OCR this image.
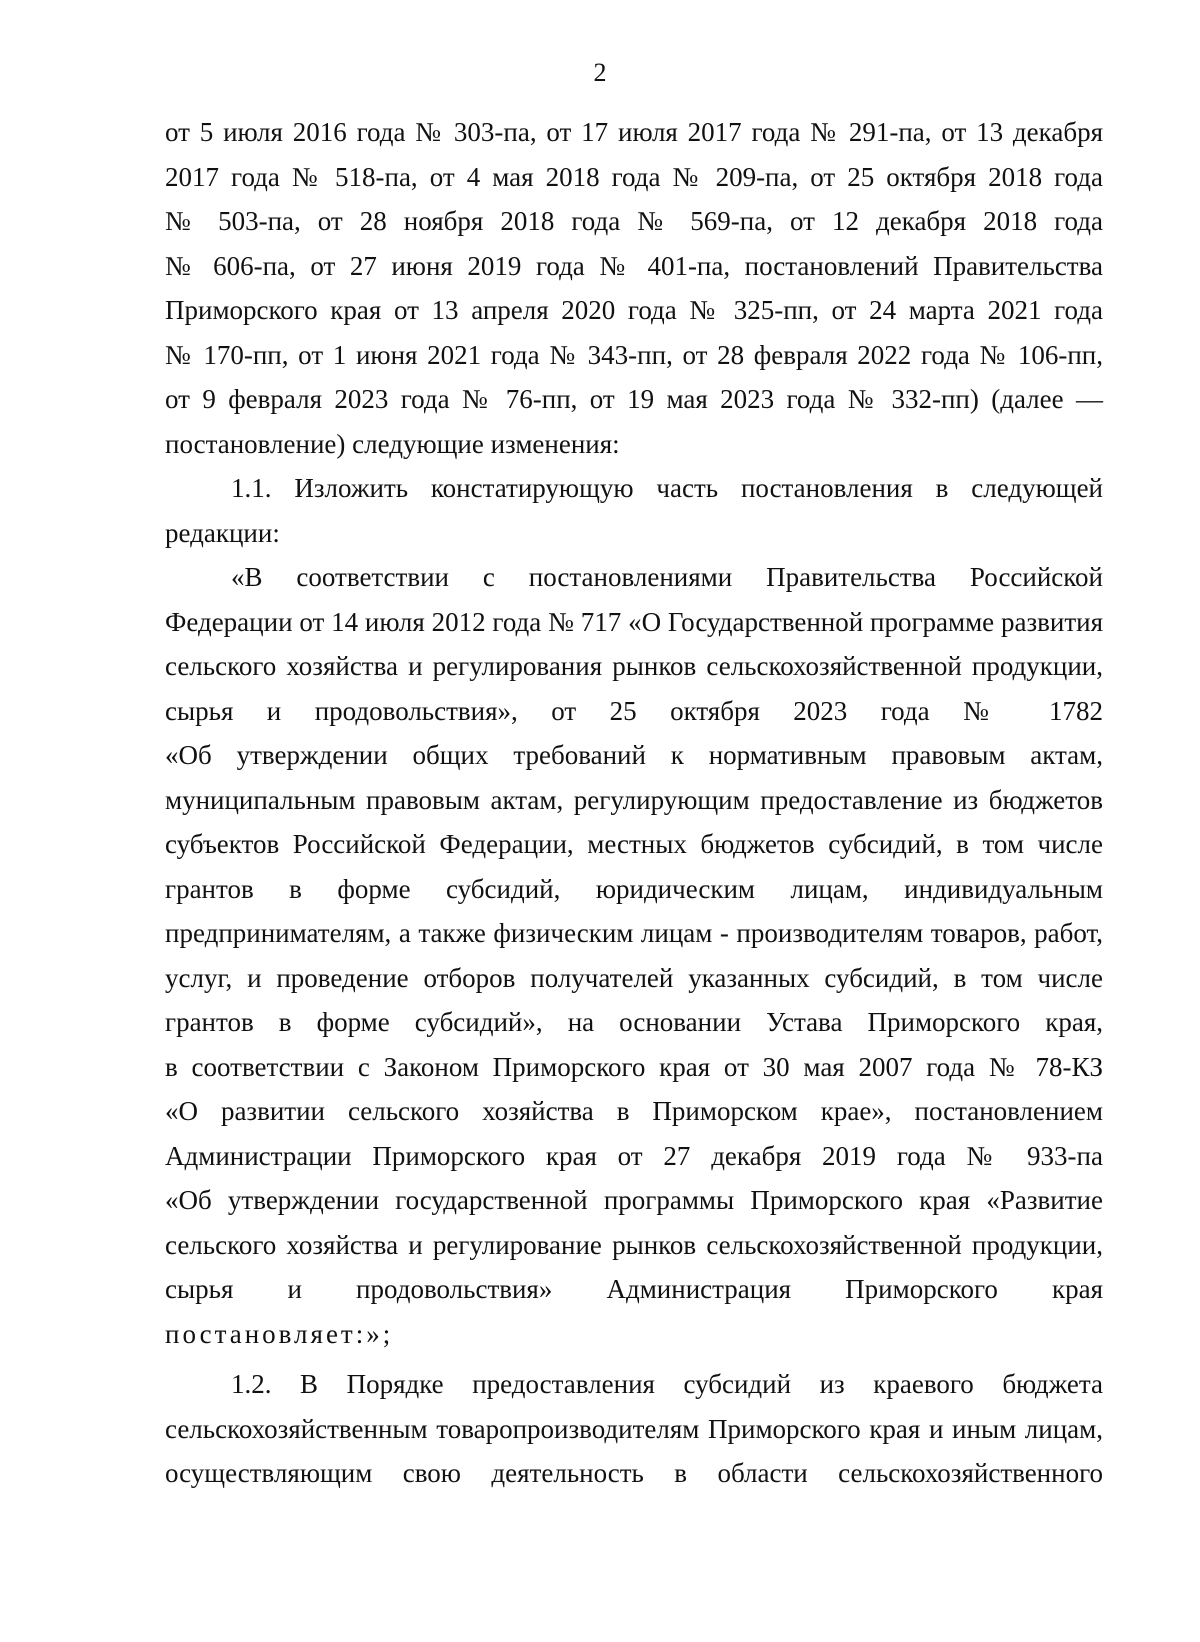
2
от 5 июля 2016 года № 303-па, от 17 июля 2017 года № 291-па, от 13 декабря
2017 года № 518-па, от 4 мая 2018 года № 209-па, от 25 октября 2018 года
№ 503-па, от 28 ноября 2018 года № 569-па, от 12 декабря 2018 года
№ 606-па, от 27 июня 2019 года № 401-па, постановлений Правительства
Приморского края от 13 апреля 2020 года № 325-пп, от 24 марта 2021 года
№ 170-пп, от 1 июня 2021 года № 343-пп, от 28 февраля 2022 года № 106-пп,
от 9 февраля 2023 года № 76-пп, от 19 мая 2023 года № 332-пп) (далее —
постановление) следующие изменения:
1.1. Изложить констатирующую часть постановления в следующей
редакции:
«В соответствии с постановлениями Правительства Российской
Федерации от 14 июля 2012 года № 717 «О Государственной программе развития
сельского хозяйства и регулирования рынков сельскохозяйственной продукции,
сырья и продовольствия», от 25 октября 2023 года № 1782
«Об утверждении общих требований к нормативным правовым актам,
муниципальным правовым актам, регулирующим предоставление из бюджетов
субъектов Российской Федерации, местных бюджетов субсидий, в том числе
грантов в форме субсидий, юридическим лицам, индивидуальным
предпринимателям, а также физическим лицам - производителям товаров, работ,
услуг, и проведение отборов получателей указанных субсидий, в том числе
грантов в форме субсидий», на основании Устава Приморского края,
в соответствии с Законом Приморского края от 30 мая 2007 года № 78-КЗ
«О развитии сельского хозяйства в Приморском крае», постановлением
Администрации Приморского края от 27 декабря 2019 года № 933-па
«Об утверждении государственной программы Приморского края «Развитие
сельского хозяйства и регулирование рынков сельскохозяйственной продукции,
сырья и продовольствия» Администрация Приморского края
постановляет:»;
1.2. В Порядке предоставления субсидий из краевого бюджета
сельскохозяйственным товаропроизводителям Приморского края и иным лицам,
осуществляющим свою деятельность в области сельскохозяйственного
